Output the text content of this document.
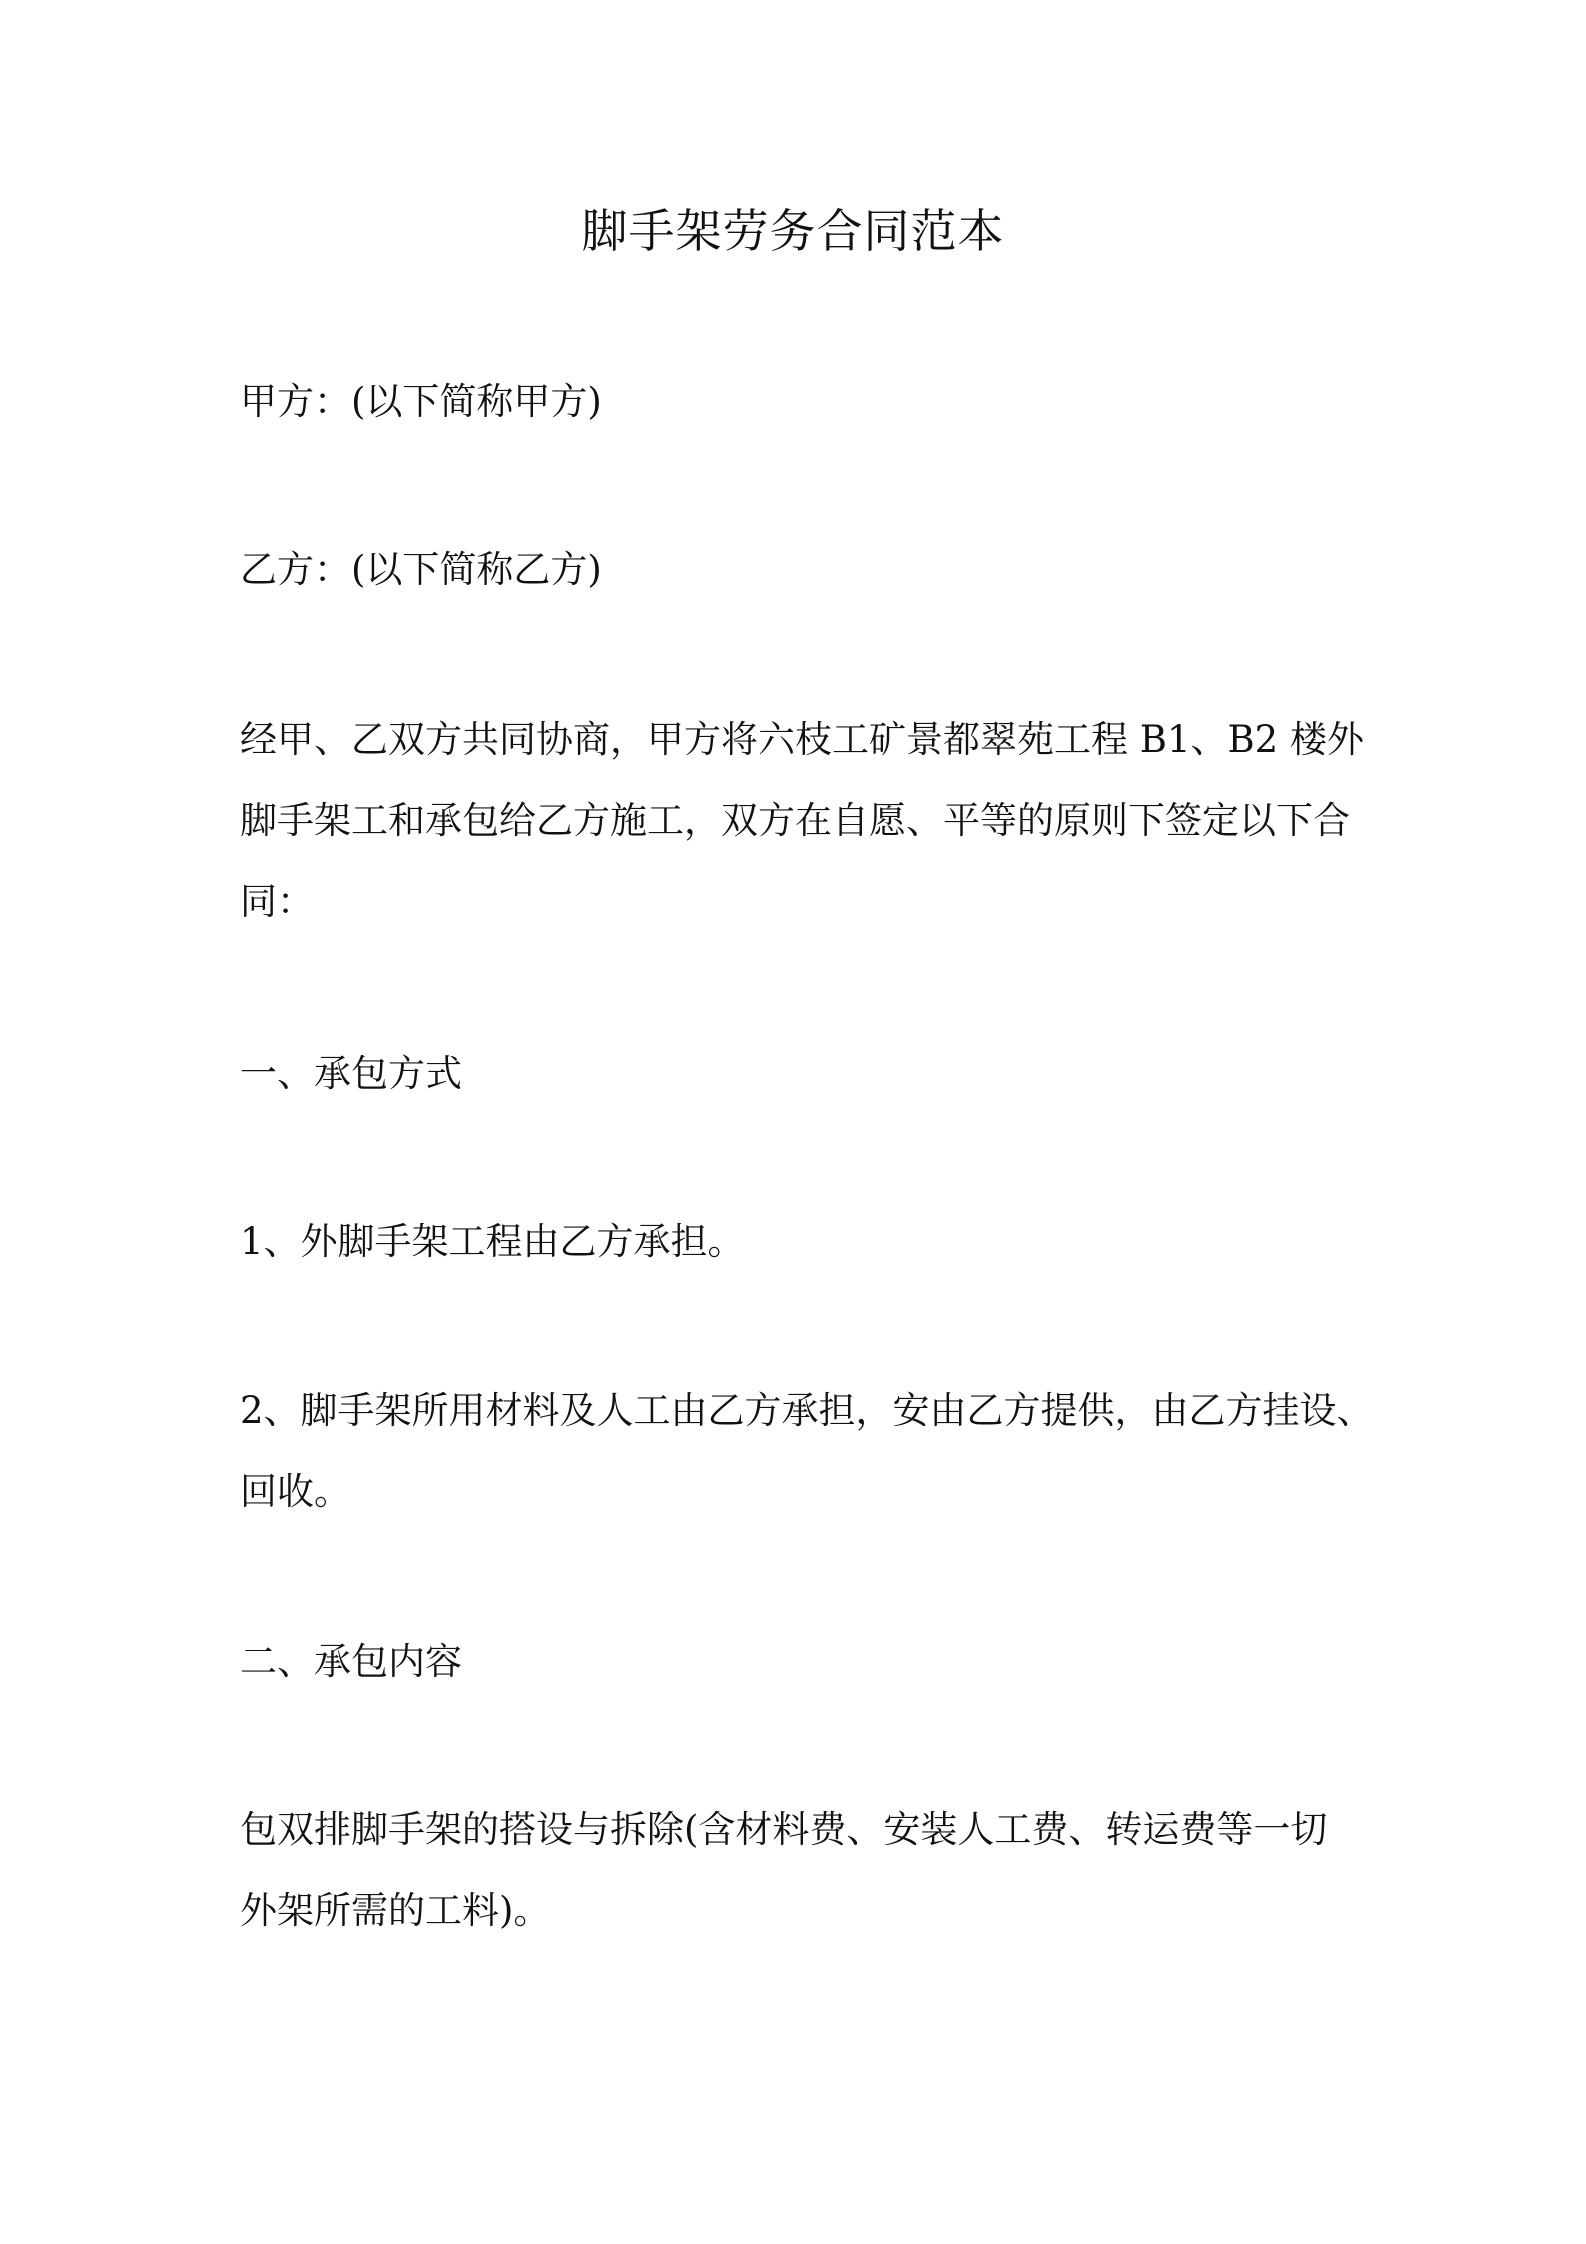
脚手架劳务合同范本

甲方：(以下简称甲方)

乙方：(以下简称乙方)

经甲、乙双方共同协商，甲方将六枝工矿景都翠苑工程 B1、B2 楼外
脚手架工和承包给乙方施工，双方在自愿、平等的原则下签定以下合
同：

一、承包方式

1、外脚手架工程由乙方承担。

2、脚手架所用材料及人工由乙方承担，安由乙方提供，由乙方挂设、
回收。

二、承包内容

包双排脚手架的搭设与拆除(含材料费、安装人工费、转运费等一切
外架所需的工料)。
